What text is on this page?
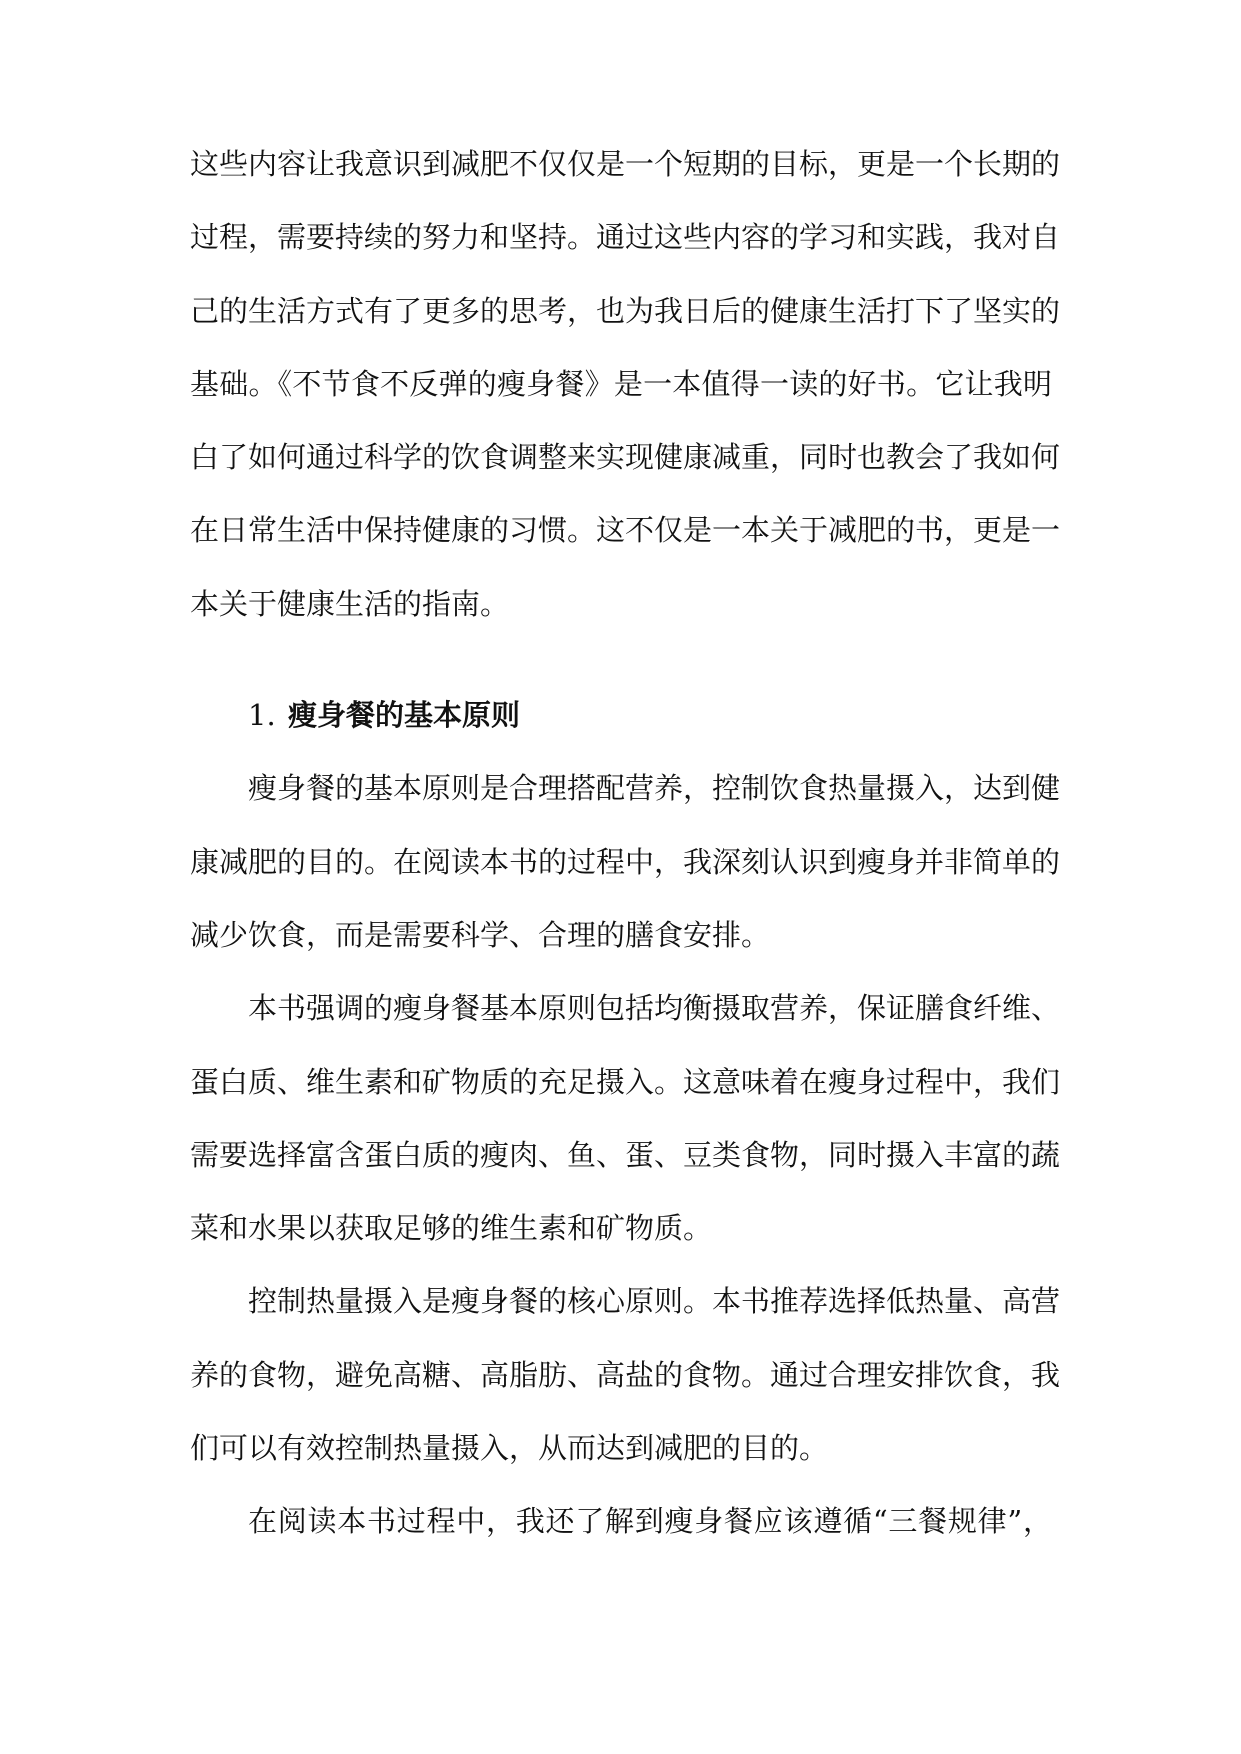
这些内容让我意识到减肥不仅仅是一个短期的目标，更是一个长期的
过程，需要持续的努力和坚持。通过这些内容的学习和实践，我对自
己的生活方式有了更多的思考，也为我日后的健康生活打下了坚实的
基础。《不节食不反弹的瘦身餐》是一本值得一读的好书。它让我明
白了如何通过科学的饮食调整来实现健康减重，同时也教会了我如何
在日常生活中保持健康的习惯。这不仅是一本关于减肥的书，更是一
本关于健康生活的指南。
1. 瘦身餐的基本原则
瘦身餐的基本原则是合理搭配营养，控制饮食热量摄入，达到健
康减肥的目的。在阅读本书的过程中，我深刻认识到瘦身并非简单的
减少饮食，而是需要科学、合理的膳食安排。
本书强调的瘦身餐基本原则包括均衡摄取营养，保证膳食纤维、
蛋白质、维生素和矿物质的充足摄入。这意味着在瘦身过程中，我们
需要选择富含蛋白质的瘦肉、鱼、蛋、豆类食物，同时摄入丰富的蔬
菜和水果以获取足够的维生素和矿物质。
控制热量摄入是瘦身餐的核心原则。本书推荐选择低热量、高营
养的食物，避免高糖、高脂肪、高盐的食物。通过合理安排饮食，我
们可以有效控制热量摄入，从而达到减肥的目的。
在阅读本书过程中，我还了解到瘦身餐应该遵循“三餐规律”，
